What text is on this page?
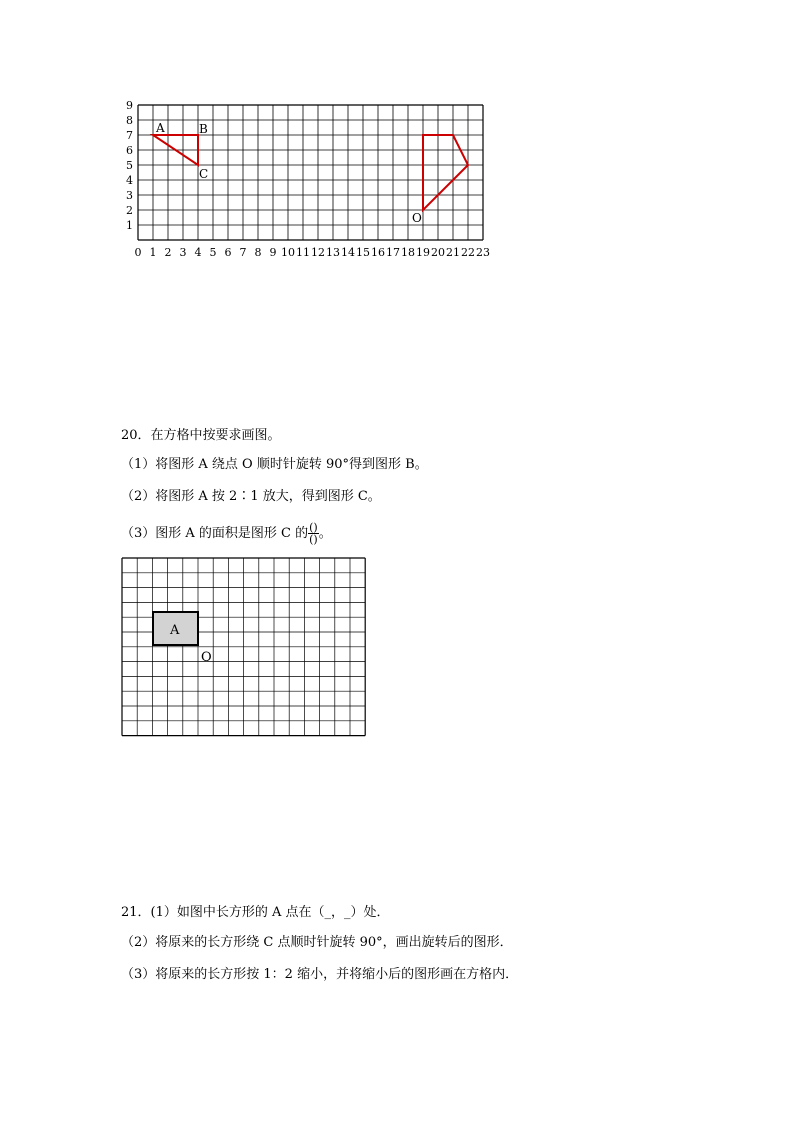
1
2
3
4
5
6
7
8
9
0 1 2 3 4 5 6 7 8 9 10 11 12 13 14 15 16 17 18 19 20 21 22 23
A	B
C
O
20．在方格中按要求画图。
（1）将图形 A 绕点 O 顺时针旋转 90°得到图形 B。
（2）将图形 A 按 2∶1 放大，得到图形 C。
（3）图形 A 的面积是图形 C 的 $\frac{()}{()}$ 。
A
O
21．(1）如图中长方形的 A 点在（_，_）处．
（2）将原来的长方形绕 C 点顺时针旋转 90°，画出旋转后的图形．
（3）将原来的长方形按 1：2 缩小，并将缩小后的图形画在方格内．
